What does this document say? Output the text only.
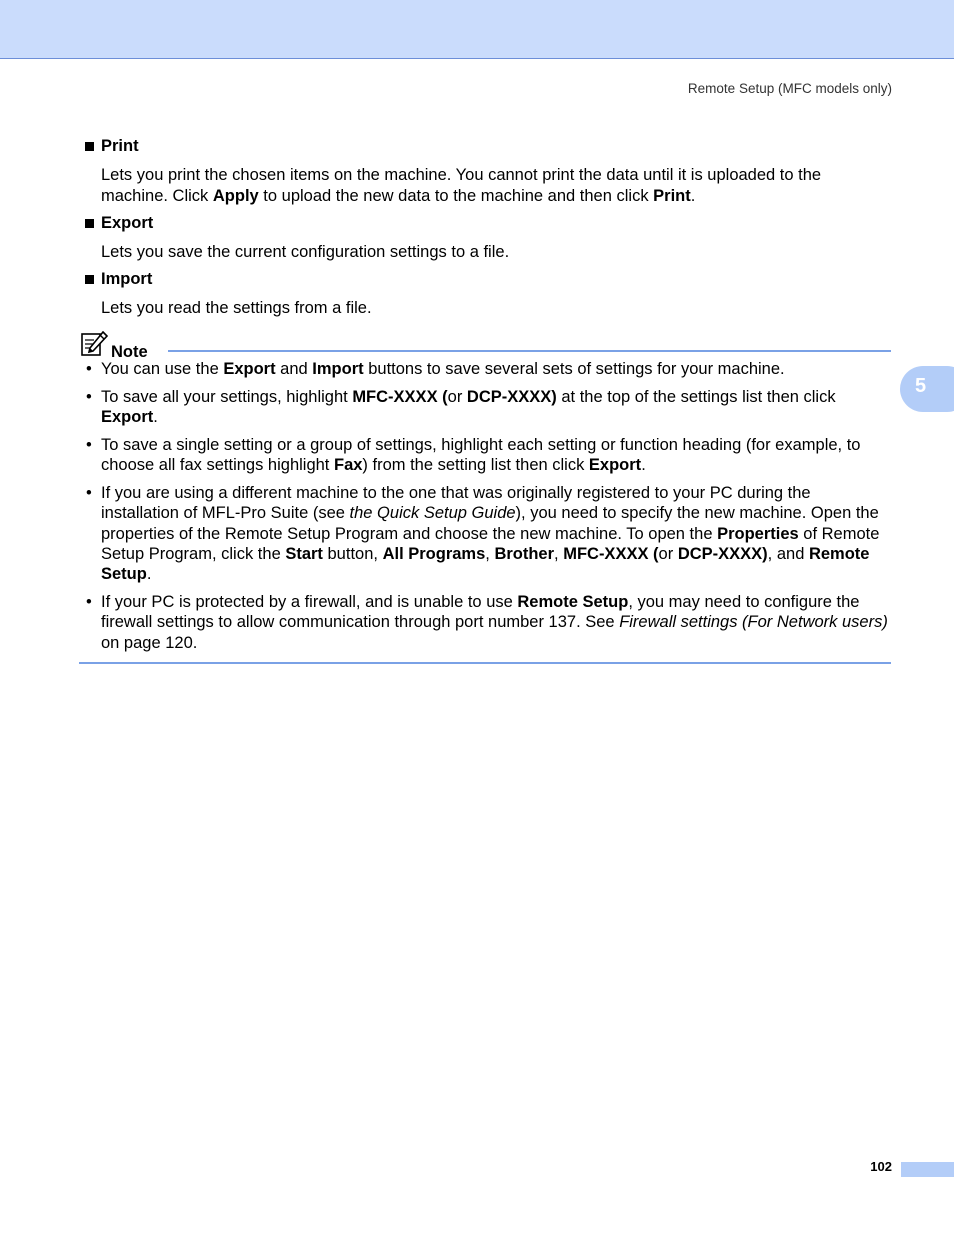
Remote Setup (MFC models only)
5
Print
Lets you print the chosen items on the machine. You cannot print the data until it is uploaded to the machine. Click Apply to upload the new data to the machine and then click Print.
Export
Lets you save the current configuration settings to a file.
Import
Lets you read the settings from a file.
Note
• You can use the Export and Import buttons to save several sets of settings for your machine.
• To save all your settings, highlight MFC-XXXX (or DCP-XXXX) at the top of the settings list then click Export.
• To save a single setting or a group of settings, highlight each setting or function heading (for example, to choose all fax settings highlight Fax) from the setting list then click Export.
• If you are using a different machine to the one that was originally registered to your PC during the installation of MFL-Pro Suite (see the Quick Setup Guide), you need to specify the new machine. Open the properties of the Remote Setup Program and choose the new machine. To open the Properties of Remote Setup Program, click the Start button, All Programs, Brother, MFC-XXXX (or DCP-XXXX), and Remote Setup.
• If your PC is protected by a firewall, and is unable to use Remote Setup, you may need to configure the firewall settings to allow communication through port number 137. See Firewall settings (For Network users) on page 120.
102
